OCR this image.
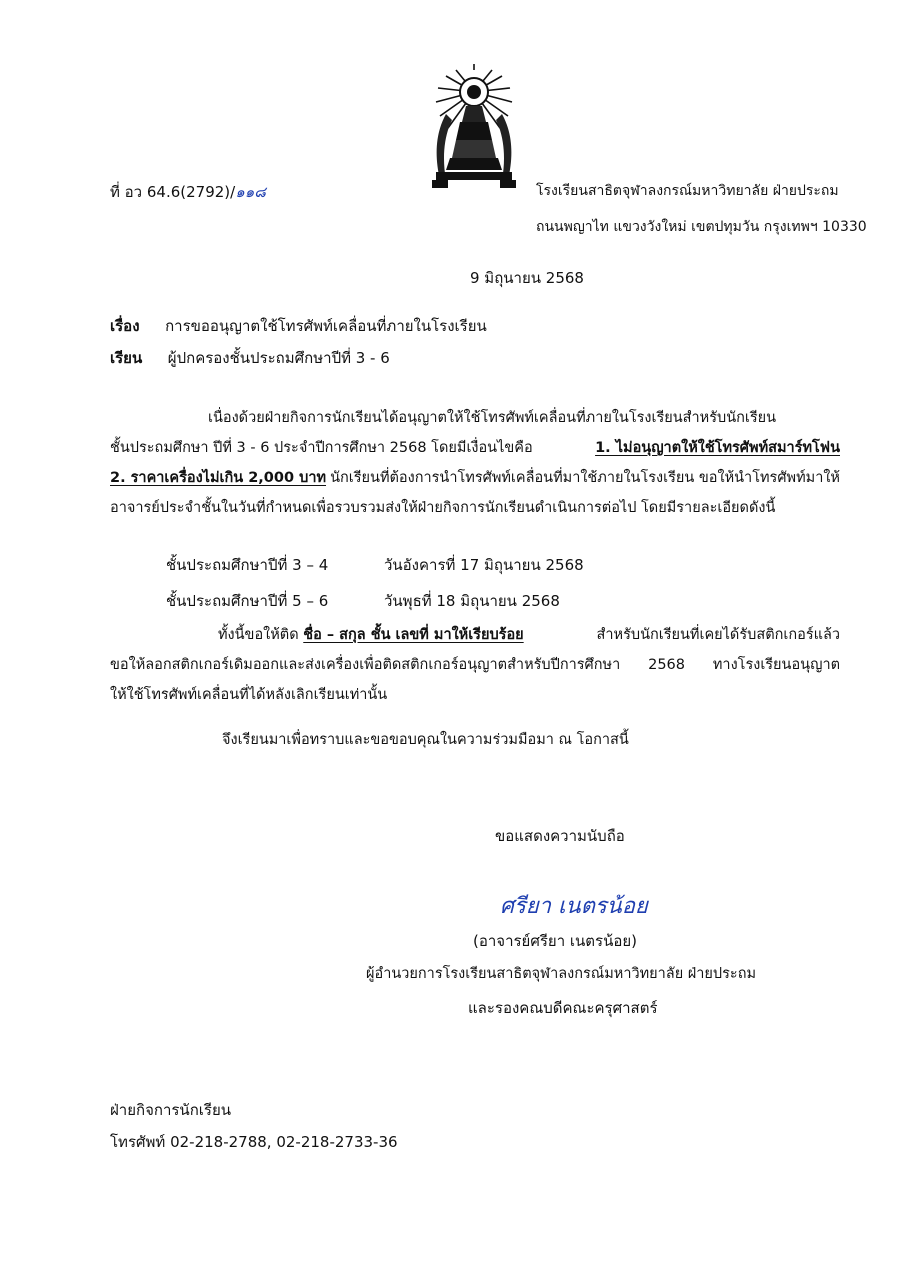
ที่ อว 64.6(2792)/๑๑๘	โรงเรียนสาธิตจุฬาลงกรณ์มหาวิทยาลัย ฝ่ายประถม
ถนนพญาไท แขวงวังใหม่ เขตปทุมวัน กรุงเทพฯ 10330
9 มิถุนายน 2568
เรื่อง การขออนุญาตใช้โทรศัพท์เคลื่อนที่ภายในโรงเรียน
เรียน ผู้ปกครองชั้นประถมศึกษาปีที่ 3 - 6
เนื่องด้วยฝ่ายกิจการนักเรียนได้อนุญาตให้ใช้โทรศัพท์เคลื่อนที่ภายในโรงเรียนสำหรับนักเรียน
ชั้นประถมศึกษา ปีที่ 3 - 6 ประจำปีการศึกษา 2568 โดยมีเงื่อนไขคือ	1. ไม่อนุญาตให้ใช้โทรศัพท์สมาร์ทโฟน
2. ราคาเครื่องไม่เกิน 2,000 บาท นักเรียนที่ต้องการนำโทรศัพท์เคลื่อนที่มาใช้ภายในโรงเรียน ขอให้นำโทรศัพท์มาให้
อาจารย์ประจำชั้นในวันที่กำหนดเพื่อรวบรวมส่งให้ฝ่ายกิจการนักเรียนดำเนินการต่อไป โดยมีรายละเอียดดังนี้
ชั้นประถมศึกษาปีที่ 3 – 4	วันอังคารที่ 17 มิถุนายน 2568
ชั้นประถมศึกษาปีที่ 5 – 6	วันพุธที่ 18 มิถุนายน 2568
ทั้งนี้ขอให้ติด ชื่อ – สกุล ชั้น เลขที่ มาให้เรียบร้อย	สำหรับนักเรียนที่เคยได้รับสติกเกอร์แล้ว
ขอให้ลอกสติกเกอร์เดิมออกและส่งเครื่องเพื่อติดสติกเกอร์อนุญาตสำหรับปีการศึกษา 2568 ทางโรงเรียนอนุญาต
ให้ใช้โทรศัพท์เคลื่อนที่ได้หลังเลิกเรียนเท่านั้น
จึงเรียนมาเพื่อทราบและขอขอบคุณในความร่วมมือมา ณ โอกาสนี้
ขอแสดงความนับถือ
ศรียา เนตรน้อย
(อาจารย์ศรียา เนตรน้อย)
ผู้อำนวยการโรงเรียนสาธิตจุฬาลงกรณ์มหาวิทยาลัย ฝ่ายประถม
และรองคณบดีคณะครุศาสตร์
ฝ่ายกิจการนักเรียน
โทรศัพท์ 02-218-2788, 02-218-2733-36
